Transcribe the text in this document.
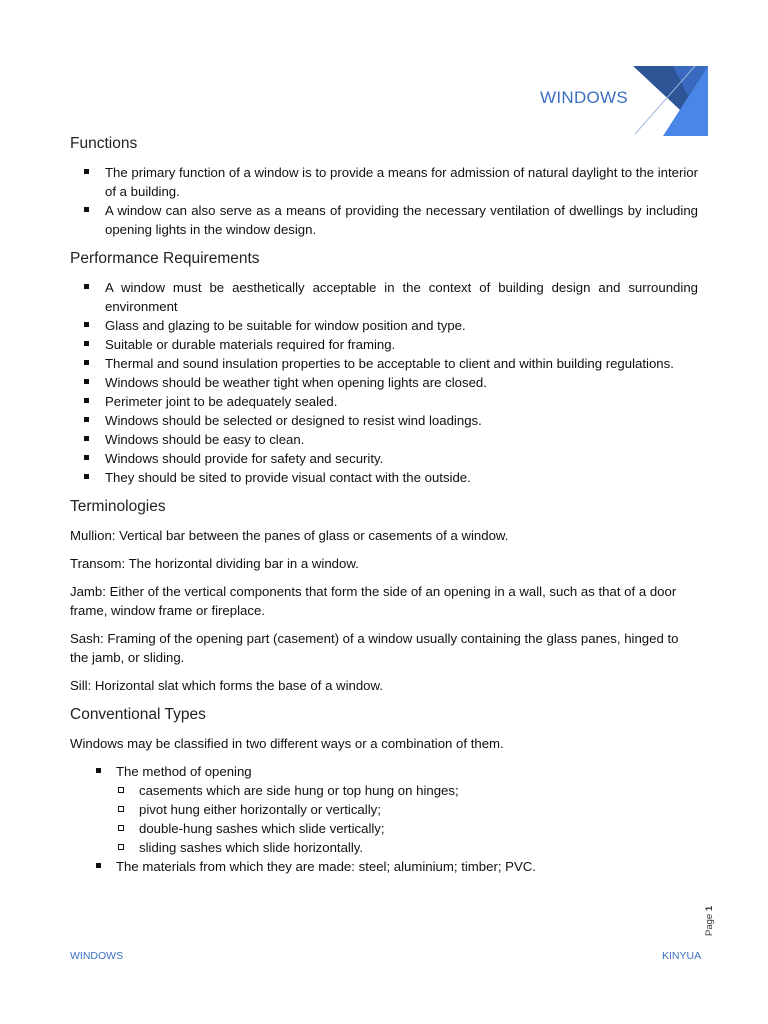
WINDOWS
Functions
The primary function of a window is to provide a means for admission of natural daylight to the interior of a building.
A window can also serve as a means of providing the necessary ventilation of dwellings by including opening lights in the window design.
Performance Requirements
A window must be aesthetically acceptable in the context of building design and surrounding environment
Glass and glazing to be suitable for window position and type.
Suitable or durable materials required for framing.
Thermal and sound insulation properties to be acceptable to client and within building regulations.
Windows should be weather tight when opening lights are closed.
Perimeter joint to be adequately sealed.
Windows should be selected or designed to resist wind loadings.
Windows should be easy to clean.
Windows should provide for safety and security.
They should be sited to provide visual contact with the outside.
Terminologies

Mullion: Vertical bar between the panes of glass or casements of a window.

Transom: The horizontal dividing bar in a window.

Jamb: Either of the vertical components that form the side of an opening in a wall, such as that of a door frame, window frame or fireplace.

Sash: Framing of the opening part (casement) of a window usually containing the glass panes, hinged to the jamb, or sliding.

Sill: Horizontal slat which forms the base of a window.

Conventional Types

Windows may be classified in two different ways or a combination of them.

The method of opening
casements which are side hung or top hung on hinges;
pivot hung either horizontally or vertically;
double-hung sashes which slide vertically;
sliding sashes which slide horizontally.
The materials from which they are made: steel; aluminium; timber; PVC.
WINDOWS	KINYUA
Page 1
